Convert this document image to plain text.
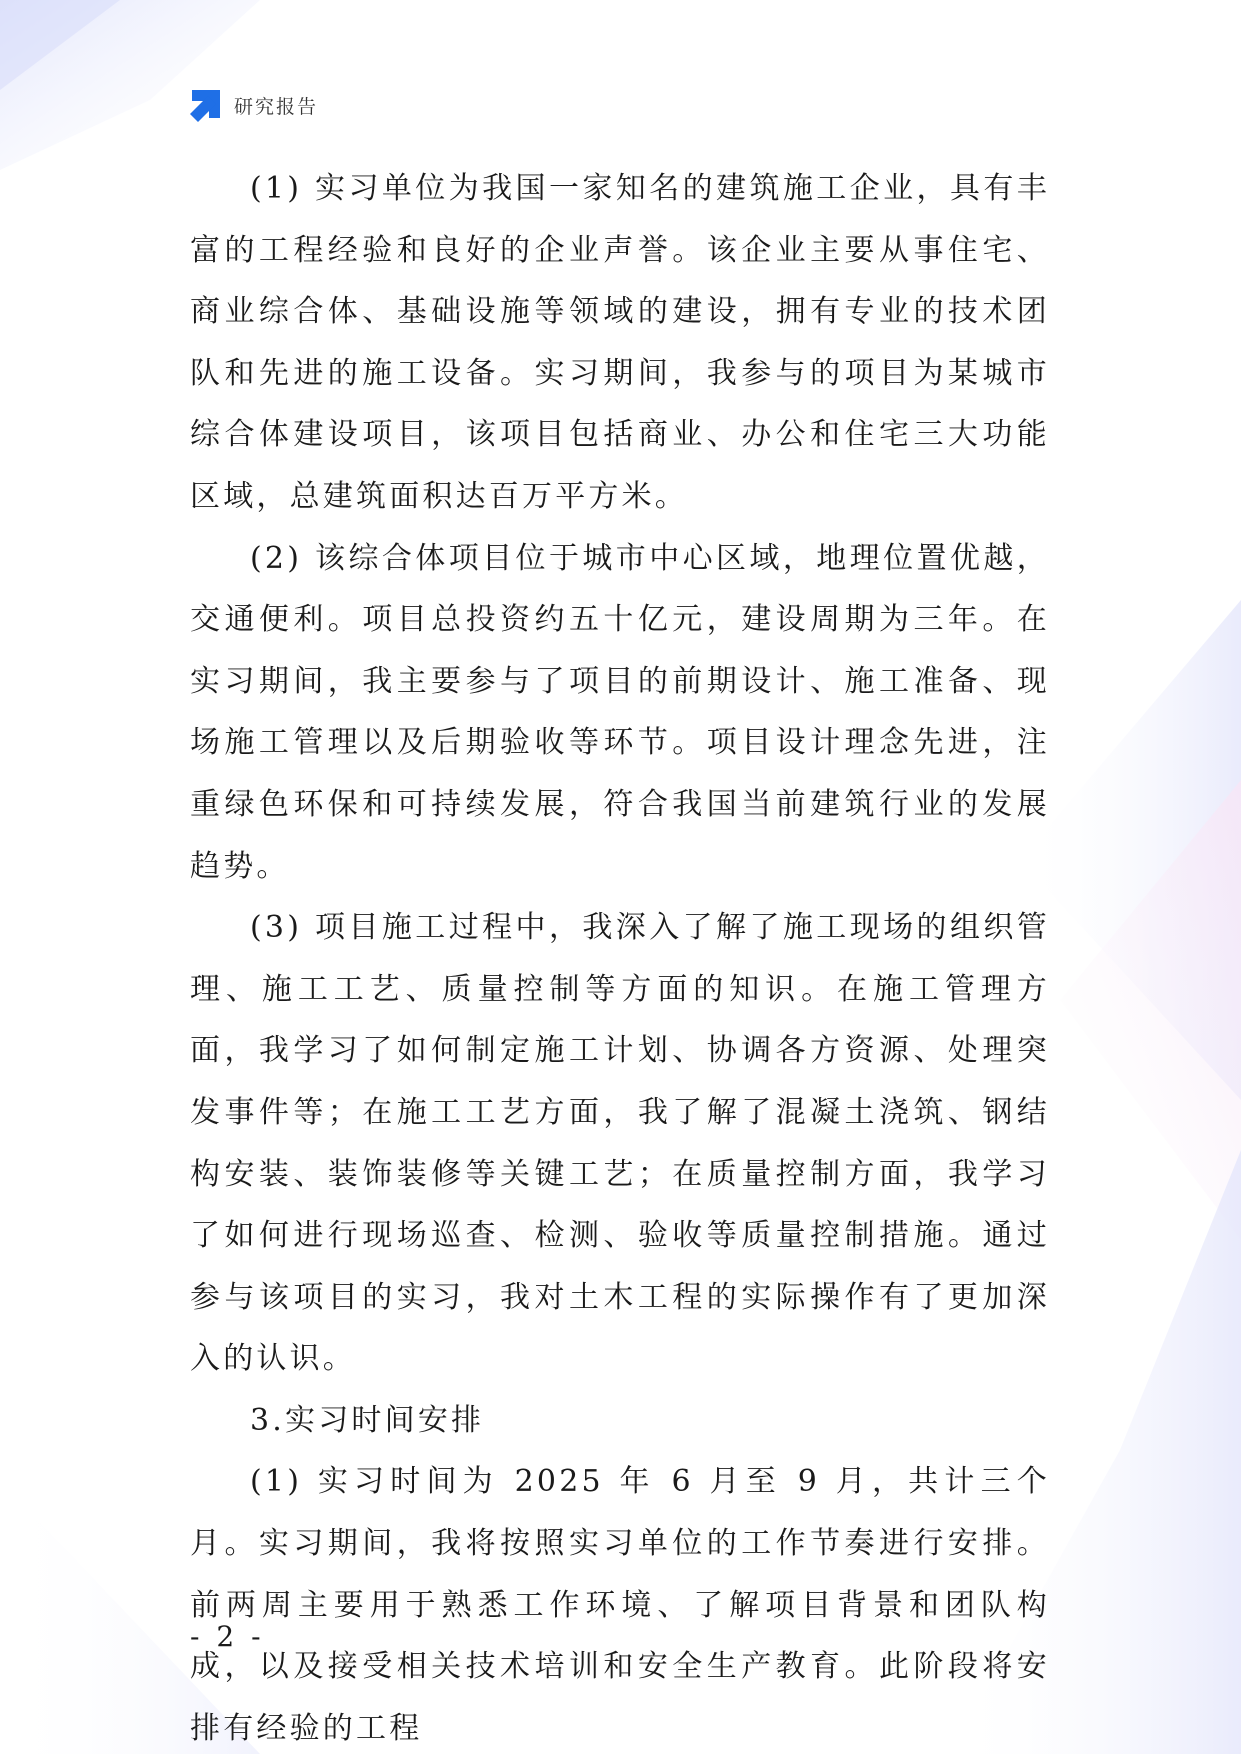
研究报告

(1) 实习单位为我国一家知名的建筑施工企业，具有丰富的工程经验和良好的企业声誉。该企业主要从事住宅、商业综合体、基础设施等领域的建设，拥有专业的技术团队和先进的施工设备。实习期间，我参与的项目为某城市综合体建设项目，该项目包括商业、办公和住宅三大功能区域，总建筑面积达百万平方米。

(2) 该综合体项目位于城市中心区域，地理位置优越，交通便利。项目总投资约五十亿元，建设周期为三年。在实习期间，我主要参与了项目的前期设计、施工准备、现场施工管理以及后期验收等环节。项目设计理念先进，注重绿色环保和可持续发展，符合我国当前建筑行业的发展趋势。

(3) 项目施工过程中，我深入了解了施工现场的组织管理、施工工艺、质量控制等方面的知识。在施工管理方面，我学习了如何制定施工计划、协调各方资源、处理突发事件等；在施工工艺方面，我了解了混凝土浇筑、钢结构安装、装饰装修等关键工艺；在质量控制方面，我学习了如何进行现场巡查、检测、验收等质量控制措施。通过参与该项目的实习，我对土木工程的实际操作有了更加深入的认识。

3.实习时间安排

(1) 实习时间为 2025 年 6 月至 9 月，共计三个月。实习期间，我将按照实习单位的工作节奏进行安排。前两周主要用于熟悉工作环境、了解项目背景和团队构成，以及接受相关技术培训和安全生产教育。此阶段将安排有经验的工程

- 2 -
